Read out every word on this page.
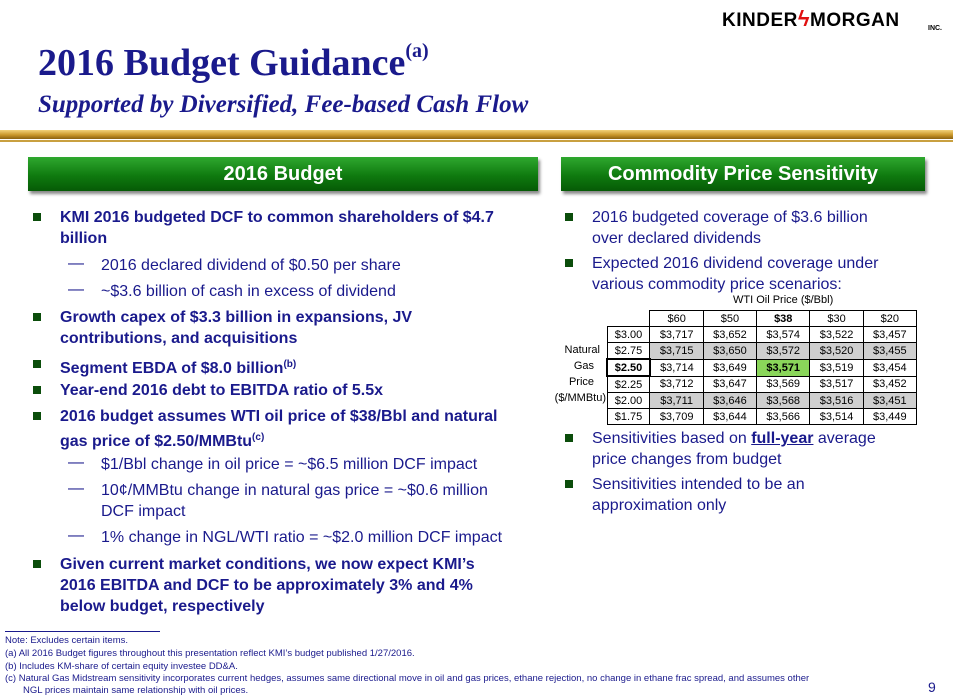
KINDERϟMORGAN	INC.
2016 Budget Guidance$^{(a)}$
Supported by Diversified, Fee-based Cash Flow
2016 Budget	Commodity Price Sensitivity
KMI 2016 budgeted DCF to common shareholders of $4.7
billion
— 2016 declared dividend of $0.50 per share
— ~$3.6 billion of cash in excess of dividend
Growth capex of $3.3 billion in expansions, JV
contributions, and acquisitions
Segment EBDA of $8.0 billion$^{(b)}$
Year-end 2016 debt to EBITDA ratio of 5.5x
2016 budget assumes WTI oil price of $38/Bbl and natural
gas price of $2.50/MMBtu$^{(c)}$
— $1/Bbl change in oil price = ~$6.5 million DCF impact
— 10¢/MMBtu change in natural gas price = ~$0.6 million
DCF impact
— 1% change in NGL/WTI ratio = ~$2.0 million DCF impact
Given current market conditions, we now expect KMI’s
2016 EBITDA and DCF to be approximately 3% and 4%
below budget, respectively
2016 budgeted coverage of $3.6 billion
over declared dividends
Expected 2016 dividend coverage under
various commodity price scenarios:
WTI Oil Price ($/Bbl)
Natural
Gas
Price
($/MMBtu)
	$60	$50	$38	$30	$20
$3.00	$3,717	$3,652	$3,574	$3,522	$3,457
$2.75	$3,715	$3,650	$3,572	$3,520	$3,455
$2.50	$3,714	$3,649	$3,571	$3,519	$3,454
$2.25	$3,712	$3,647	$3,569	$3,517	$3,452
$2.00	$3,711	$3,646	$3,568	$3,516	$3,451
$1.75	$3,709	$3,644	$3,566	$3,514	$3,449
Sensitivities based on full-year average
price changes from budget
Sensitivities intended to be an
approximation only
Note: Excludes certain items.
(a) All 2016 Budget figures throughout this presentation reflect KMI’s budget published 1/27/2016.
(b) Includes KM-share of certain equity investee DD&A.
(c) Natural Gas Midstream sensitivity incorporates current hedges, assumes same directional move in oil and gas prices, ethane rejection, no change in ethane frac spread, and assumes other
NGL prices maintain same relationship with oil prices.	9
